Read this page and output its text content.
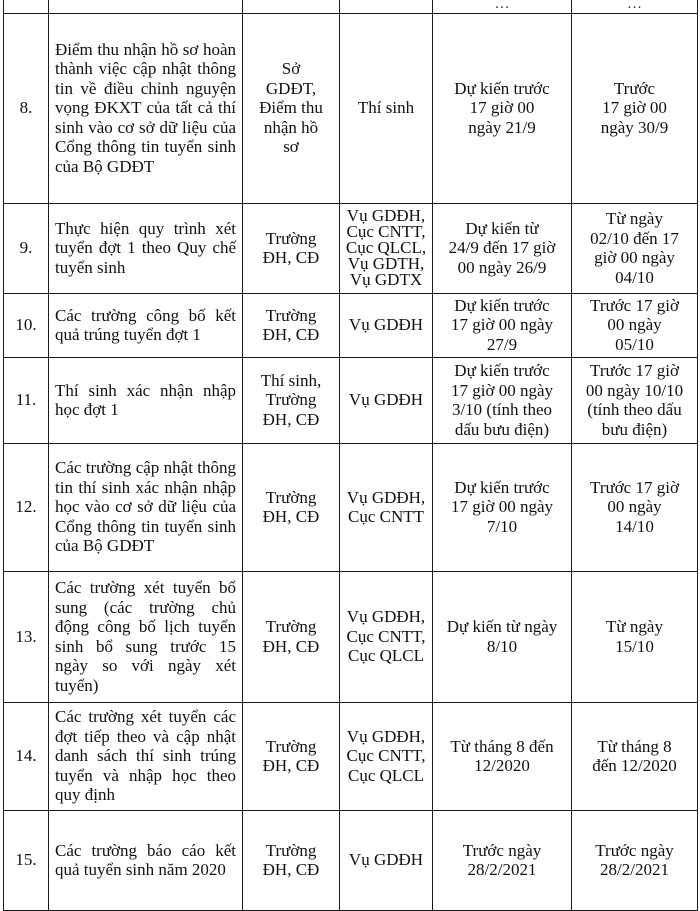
				…	…
8.	Điểm thu nhận hồ sơ hoàn thành việc cập nhật thông tin về điều chỉnh nguyện vọng ĐKXT của tất cả thí sinh vào cơ sở dữ liệu của Cổng thông tin tuyển sinh của Bộ GDĐT	Sở
GDĐT,
Điểm thu
nhận hồ
sơ	Thí sinh	Dự kiến trước
17 giờ 00
ngày 21/9	Trước
17 giờ 00
ngày 30/9

9.	Thực hiện quy trình xét tuyển đợt 1 theo Quy chế tuyển sinh	Trường
ĐH, CĐ	Vụ GDĐH,
Cục CNTT,
Cục QLCL,
Vụ GDTH,
Vụ GDTX	Dự kiến từ
24/9 đến 17 giờ
00 ngày 26/9	Từ ngày
02/10 đến 17
giờ 00 ngày
04/10

10.	Các trường công bố kết quả trúng tuyển đợt 1	Trường
ĐH, CĐ	Vụ GDĐH	Dự kiến trước
17 giờ 00 ngày
27/9	Trước 17 giờ
00 ngày
05/10

11.	Thí sinh xác nhận nhập học đợt 1	Thí sinh,
Trường
ĐH, CĐ	Vụ GDĐH	Dự kiến trước
17 giờ 00 ngày
3/10 (tính theo
dấu bưu điện)	Trước 17 giờ
00 ngày 10/10
(tính theo dấu
bưu điện)

12.	Các trường cập nhật thông tin thí sinh xác nhận nhập học vào cơ sở dữ liệu của Cổng thông tin tuyển sinh của Bộ GDĐT	Trường
ĐH, CĐ	Vụ GDĐH,
Cục CNTT	Dự kiến trước
17 giờ 00 ngày
7/10	Trước 17 giờ
00 ngày
14/10

13.	Các trường xét tuyển bổ sung (các trường chủ động công bố lịch tuyển sinh bổ sung trước 15 ngày so với ngày xét tuyển)	Trường
ĐH, CĐ	Vụ GDĐH,
Cục CNTT,
Cục QLCL	Dự kiến từ ngày
8/10	Từ ngày
15/10

14.	Các trường xét tuyển các đợt tiếp theo và cập nhật danh sách thí sinh trúng tuyển và nhập học theo quy định	Trường
ĐH, CĐ	Vụ GDĐH,
Cục CNTT,
Cục QLCL	Từ tháng 8 đến
12/2020	Từ tháng 8
đến 12/2020

15.	Các trường báo cáo kết quả tuyển sinh năm 2020	Trường
ĐH, CĐ	Vụ GDĐH	Trước ngày
28/2/2021	Trước ngày
28/2/2021
